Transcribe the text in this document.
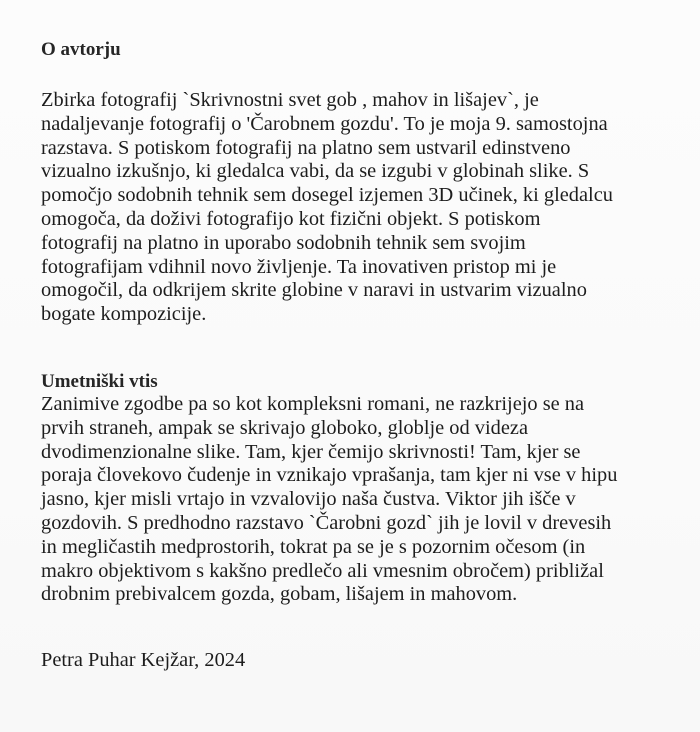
O avtorju

Zbirka fotografij `Skrivnostni svet gob , mahov in lišajev`, je
nadaljevanje fotografij o 'Čarobnem gozdu'. To je moja 9. samostojna
razstava. S potiskom fotografij na platno sem ustvaril edinstveno
vizualno izkušnjo, ki gledalca vabi, da se izgubi v globinah slike. S
pomočjo sodobnih tehnik sem dosegel izjemen 3D učinek, ki gledalcu
omogoča, da doživi fotografijo kot fizični objekt. S potiskom
fotografij na platno in uporabo sodobnih tehnik sem svojim
fotografijam vdihnil novo življenje. Ta inovativen pristop mi je
omogočil, da odkrijem skrite globine v naravi in ustvarim vizualno
bogate kompozicije.

Umetniški vtis

Zanimive zgodbe pa so kot kompleksni romani, ne razkrijejo se na
prvih straneh, ampak se skrivajo globoko, globlje od videza
dvodimenzionalne slike. Tam, kjer čemijo skrivnosti! Tam, kjer se
poraja človekovo čudenje in vznikajo vprašanja, tam kjer ni vse v hipu
jasno, kjer misli vrtajo in vzvalovijo naša čustva. Viktor jih išče v
gozdovih. S predhodno razstavo `Čarobni gozd` jih je lovil v drevesih
in megličastih medprostorih, tokrat pa se je s pozornim očesom (in
makro objektivom s kakšno predlečo ali vmesnim obročem) približal
drobnim prebivalcem gozda, gobam, lišajem in mahovom.

Petra Puhar Kejžar, 2024
